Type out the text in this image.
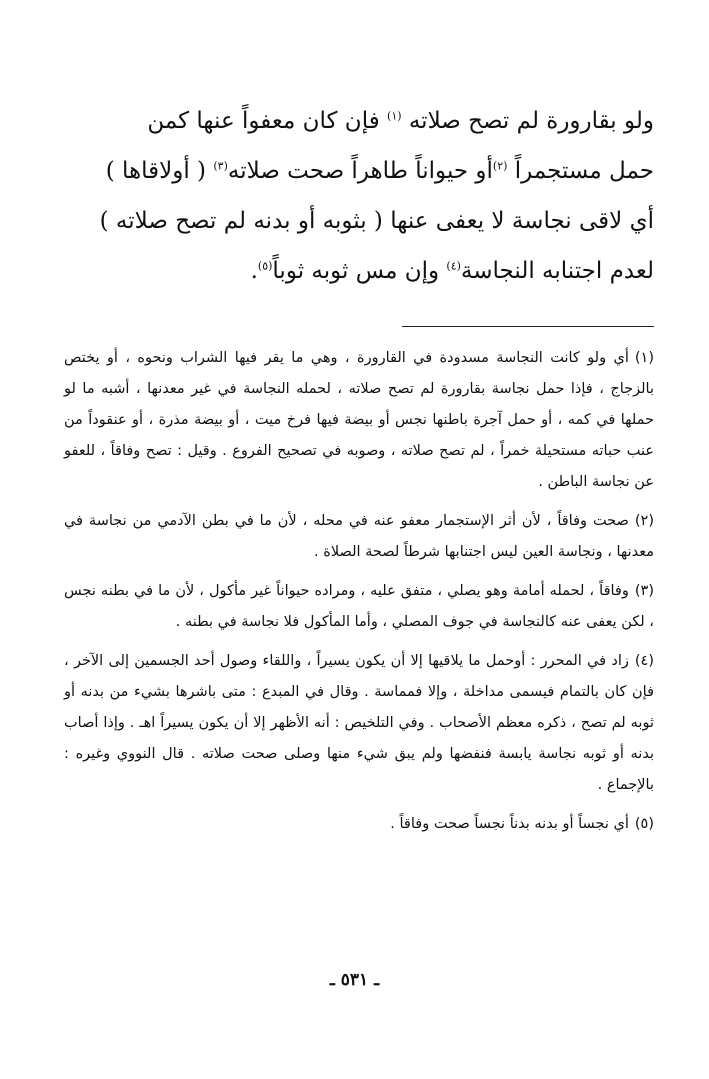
ولو بقارورة لم تصح صلاته $^{(١)}$ فإن كان معفواً عنها كمن
حمل مستجمراً $^{(٢)}$أو حيواناً طاهراً صحت صلاته$^{(٣)}$ ( أولاقاها )
أي لاقى نجاسة لا يعفى عنها ( بثوبه أو بدنه لم تصح صلاته )
لعدم اجتنابه النجاسة$^{(٤)}$ وإن مس ثوبه ثوباً$^{(٥)}$.

(١)أي ولو كانت النجاسة مسدودة في القارورة ، وهي ما يقر فيها الشراب ونحوه ، أو يختص بالزجاج ، فإذا حمل نجاسة بقارورة لم تصح صلاته ، لحمله النجاسة في غير معدنها ، أشبه ما لو حملها في كمه ، أو حمل آجرة باطنها نجس أو بيضة فيها فرخ ميت ، أو بيضة مذرة ، أو عنقوداً من عنب حباته مستحيلة خمراً ، لم تصح صلاته ، وصوبه في تصحيح الفروع . وقيل : تصح وفاقاً ، للعفو عن نجاسة الباطن .

(٢)صحت وفاقاً ، لأن أثر الإستجمار معفو عنه في محله ، لأن ما في بطن الآدمي من نجاسة في معدنها ، ونجاسة العين ليس اجتنابها شرطاً لصحة الصلاة .

(٣)وفاقاً ، لحمله أمامة وهو يصلي ، متفق عليه ، ومراده حيواناً غير مأكول ، لأن ما في بطنه نجس ، لكن يعفى عنه كالنجاسة في جوف المصلي ، وأما المأكول فلا نجاسة في بطنه .

(٤)زاد في المحرر : أوحمل ما يلاقيها إلا أن يكون يسيراً ، واللقاء وصول أحد الجسمين إلى الآخر ، فإن كان بالتمام فيسمى مداخلة ، وإلا فمماسة . وقال في المبدع : متى باشرها بشيء من بدنه أو ثوبه لم تصح ، ذكره معظم الأصحاب . وفي التلخيص : أنه الأظهر إلا أن يكون يسيراً اهـ . وإذا أصاب بدنه أو ثوبه نجاسة يابسة فنفضها ولم يبق شيء منها وصلى صحت صلاته . قال النووي وغيره : بالإجماع .

(٥)أي نجساً أو بدنه بدناً نجساً صحت وفاقاً .

ـ ٥٣١ ـ
